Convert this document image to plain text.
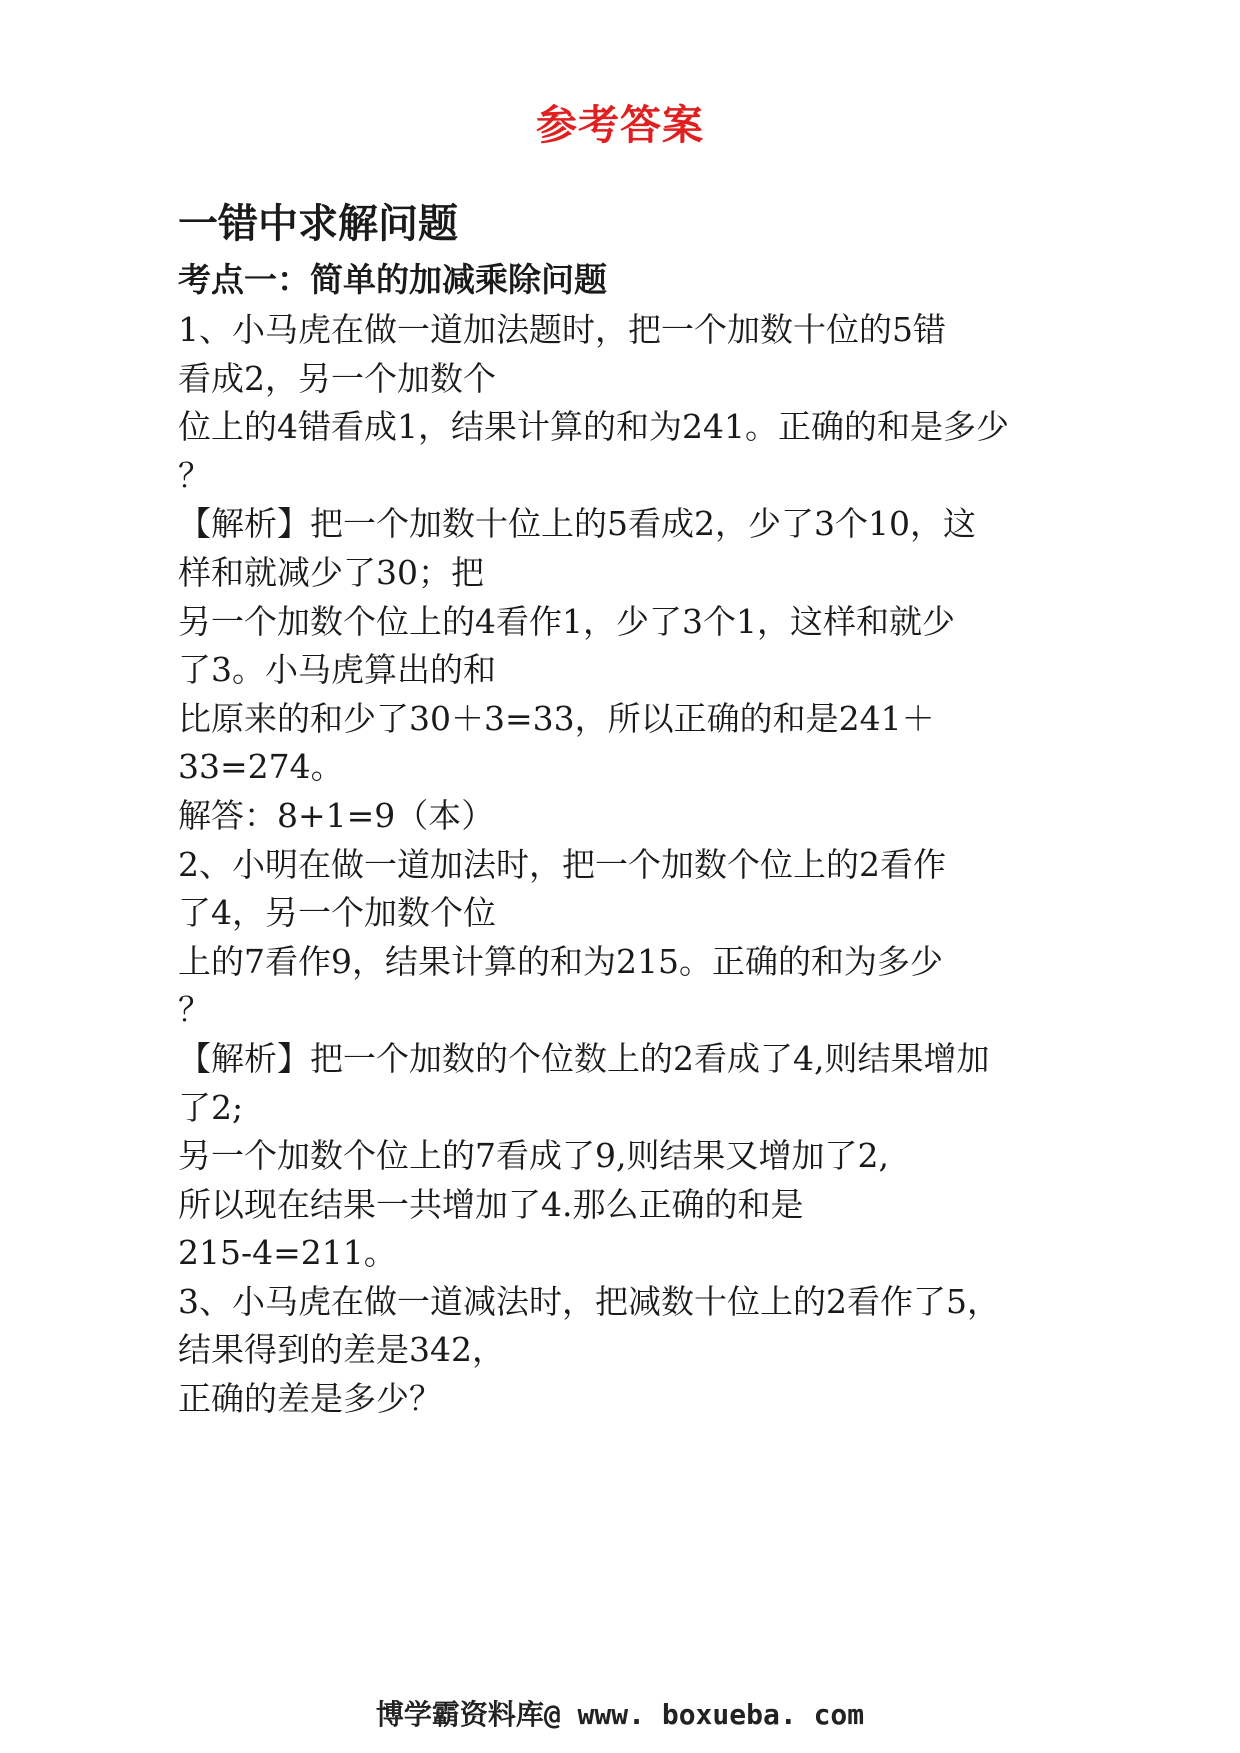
参考答案
一错中求解问题
考点一：简单的加减乘除问题
1、小马虎在做一道加法题时，把一个加数十位的5错
看成2，另一个加数个
位上的4错看成1，结果计算的和为241。正确的和是多少
？
【解析】把一个加数十位上的5看成2，少了3个10，这
样和就减少了30；把
另一个加数个位上的4看作1，少了3个1，这样和就少
了3。小马虎算出的和
比原来的和少了30＋3=33，所以正确的和是241＋
33=274。
解答：8+1=9（本）
2、小明在做一道加法时，把一个加数个位上的2看作
了4，另一个加数个位
上的7看作9，结果计算的和为215。正确的和为多少
？
【解析】把一个加数的个位数上的2看成了4,则结果增加
了2;
另一个加数个位上的7看成了9,则结果又增加了2,
所以现在结果一共增加了4.那么正确的和是
215-4=211。
3、小马虎在做一道减法时，把减数十位上的2看作了5，
结果得到的差是342，
正确的差是多少？
博学霸资料库@ www. boxueba. com
